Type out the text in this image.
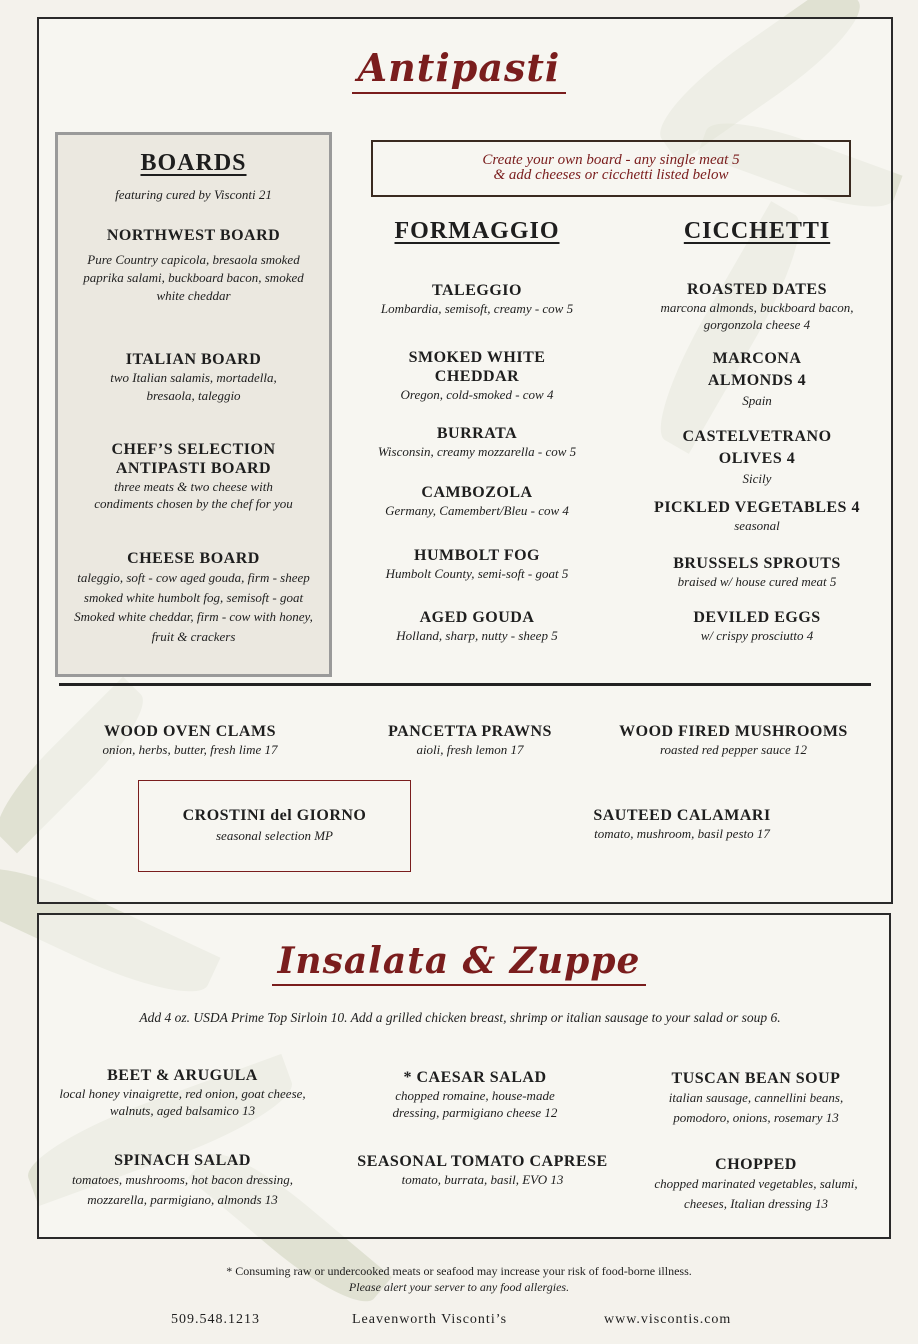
Antipasti
BOARDS
featuring cured by Visconti 21
NORTHWEST BOARD
Pure Country capicola, bresaola smoked paprika salami, buckboard bacon, smoked white cheddar
ITALIAN BOARD
two Italian salamis, mortadella, bresaola, taleggio
CHEF’S SELECTION ANTIPASTI BOARD
three meats & two cheese with condiments chosen by the chef for you
CHEESE BOARD
taleggio, soft - cow aged gouda, firm - sheep smoked white humbolt fog, semisoft - goat Smoked white cheddar, firm - cow with honey, fruit & crackers
Create your own board - any single meat 5
& add cheeses or cicchetti listed below
FORMAGGIO
TALEGGIO
Lombardia, semisoft, creamy - cow 5
SMOKED WHITE CHEDDAR
Oregon, cold-smoked - cow 4
BURRATA
Wisconsin, creamy mozzarella - cow 5
CAMBOZOLA
Germany, Camembert/Bleu - cow 4
HUMBOLT FOG
Humbolt County, semi-soft - goat 5
AGED GOUDA
Holland, sharp, nutty - sheep 5
CICCHETTI
ROASTED DATES
marcona almonds, buckboard bacon, gorgonzola cheese 4
MARCONA ALMONDS 4
Spain
CASTELVETRANO OLIVES 4
Sicily
PICKLED VEGETABLES 4
seasonal
BRUSSELS SPROUTS
braised w/ house cured meat 5
DEVILED EGGS
w/ crispy prosciutto 4
WOOD OVEN CLAMS
onion, herbs, butter, fresh lime 17
PANCETTA PRAWNS
aioli, fresh lemon 17
WOOD FIRED MUSHROOMS
roasted red pepper sauce 12
CROSTINI del GIORNO
seasonal selection MP
SAUTEED CALAMARI
tomato, mushroom, basil pesto 17
Insalata & Zuppe
Add 4 oz. USDA Prime Top Sirloin 10. Add a grilled chicken breast, shrimp or italian sausage to your salad or soup 6.
BEET & ARUGULA
local honey vinaigrette, red onion, goat cheese, walnuts, aged balsamico 13
* CAESAR SALAD
chopped romaine, house-made dressing, parmigiano cheese 12
TUSCAN BEAN SOUP
italian sausage, cannellini beans, pomodoro, onions, rosemary 13
SPINACH SALAD
tomatoes, mushrooms, hot bacon dressing, mozzarella, parmigiano, almonds 13
SEASONAL TOMATO CAPRESE
tomato, burrata, basil, EVO 13
CHOPPED
chopped marinated vegetables, salumi, cheeses, Italian dressing 13
* Consuming raw or undercooked meats or seafood may increase your risk of food-borne illness.
Please alert your server to any food allergies.
509.548.1213	Leavenworth Visconti’s	www.viscontis.com
